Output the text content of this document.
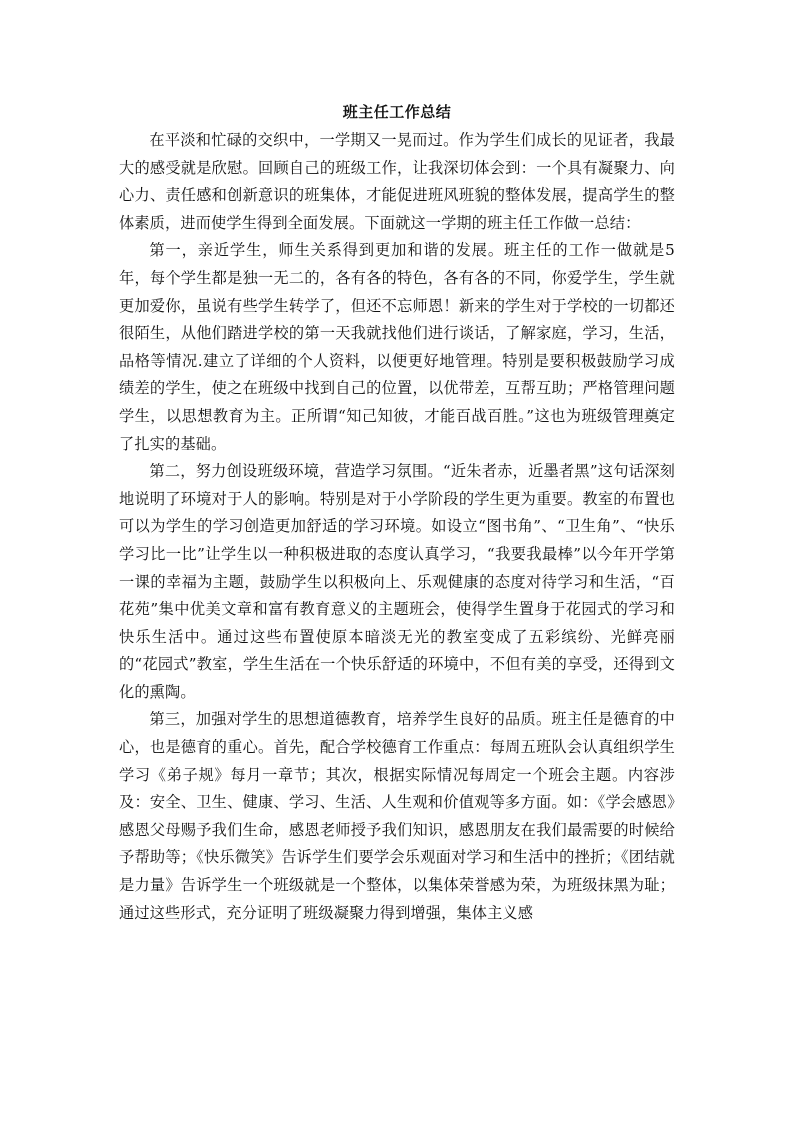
班主任工作总结

在平淡和忙碌的交织中，一学期又一晃而过。作为学生们成长的见证者，我最大的感受就是欣慰。回顾自己的班级工作，让我深切体会到：一个具有凝聚力、向心力、责任感和创新意识的班集体，才能促进班风班貌的整体发展，提高学生的整体素质，进而使学生得到全面发展。下面就这一学期的班主任工作做一总结：

第一，亲近学生，师生关系得到更加和谐的发展。班主任的工作一做就是5年，每个学生都是独一无二的，各有各的特色，各有各的不同，你爱学生，学生就更加爱你，虽说有些学生转学了，但还不忘师恩！新来的学生对于学校的一切都还很陌生，从他们踏进学校的第一天我就找他们进行谈话，了解家庭，学习，生活，品格等情况.建立了详细的个人资料，以便更好地管理。特别是要积极鼓励学习成绩差的学生，使之在班级中找到自己的位置，以优带差，互帮互助；严格管理问题学生，以思想教育为主。正所谓“知己知彼，才能百战百胜。”这也为班级管理奠定了扎实的基础。

第二，努力创设班级环境，营造学习氛围。“近朱者赤，近墨者黑”这句话深刻地说明了环境对于人的影响。特别是对于小学阶段的学生更为重要。教室的布置也可以为学生的学习创造更加舒适的学习环境。如设立“图书角”、“卫生角”、“快乐学习比一比”让学生以一种积极进取的态度认真学习，“我要我最棒”以今年开学第一课的幸福为主题，鼓励学生以积极向上、乐观健康的态度对待学习和生活，“百花苑”集中优美文章和富有教育意义的主题班会，使得学生置身于花园式的学习和快乐生活中。通过这些布置使原本暗淡无光的教室变成了五彩缤纷、光鲜亮丽的“花园式”教室，学生生活在一个快乐舒适的环境中，不但有美的享受，还得到文化的熏陶。

第三，加强对学生的思想道德教育，培养学生良好的品质。班主任是德育的中心，也是德育的重心。首先，配合学校德育工作重点：每周五班队会认真组织学生学习《弟子规》每月一章节；其次，根据实际情况每周定一个班会主题。内容涉及：安全、卫生、健康、学习、生活、人生观和价值观等多方面。如：《学会感恩》感恩父母赐予我们生命，感恩老师授予我们知识，感恩朋友在我们最需要的时候给予帮助等；《快乐微笑》告诉学生们要学会乐观面对学习和生活中的挫折；《团结就是力量》告诉学生一个班级就是一个整体，以集体荣誉感为荣，为班级抹黑为耻；通过这些形式，充分证明了班级凝聚力得到增强，集体主义感
